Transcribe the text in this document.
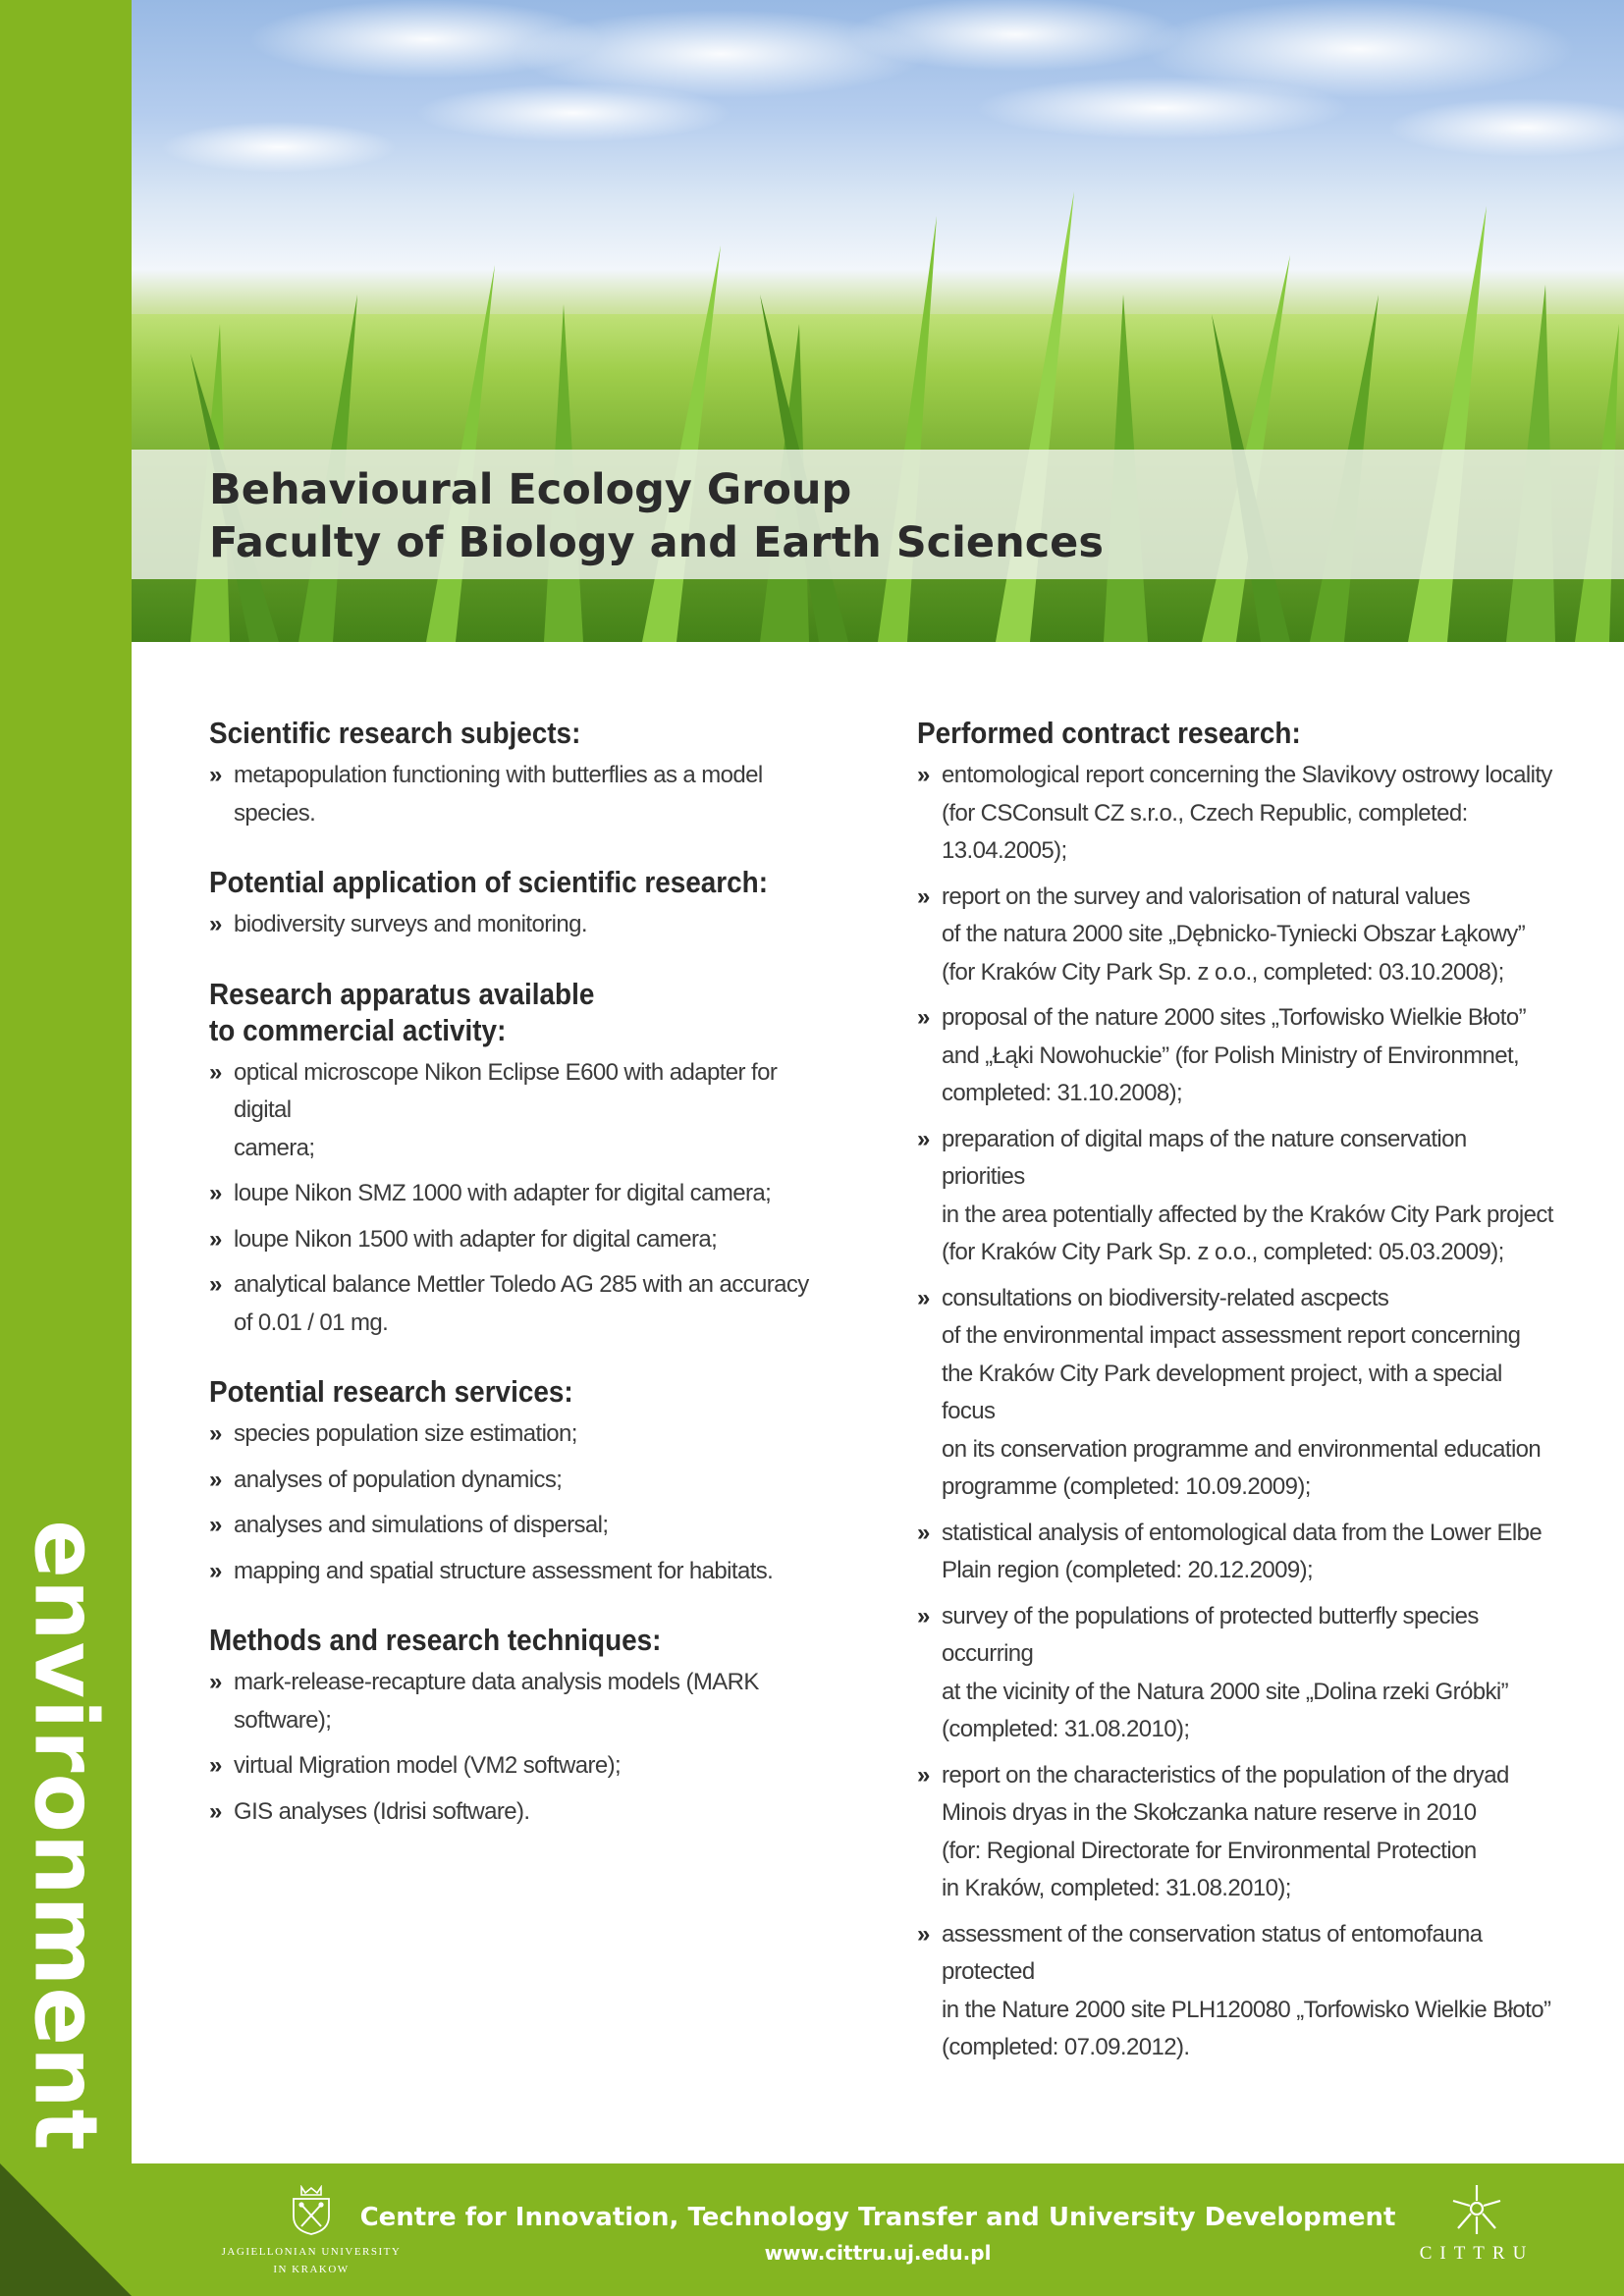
environment
Behavioural Ecology Group
Faculty of Biology and Earth Sciences
Scientific research subjects:
» metapopulation functioning with butterflies as a model species.
Potential application of scientific research:
» biodiversity surveys and monitoring.
Research apparatus available
to commercial activity:
» optical microscope Nikon Eclipse E600 with adapter for digital
camera;
» loupe Nikon SMZ 1000 with adapter for digital camera;
» loupe Nikon 1500 with adapter for digital camera;
» analytical balance Mettler Toledo AG 285 with an accuracy
of 0.01 / 01 mg.
Potential research services:
» species population size estimation;
» analyses of population dynamics;
» analyses and simulations of dispersal;
» mapping and spatial structure assessment for habitats.
Methods and research techniques:
» mark-release-recapture data analysis models (MARK software);
» virtual Migration model (VM2 software);
» GIS analyses (Idrisi software).
Performed contract research:
» entomological report concerning the Slavikovy ostrowy locality
(for CSConsult CZ s.r.o., Czech Republic, completed: 13.04.2005);
» report on the survey and valorisation of natural values
of the natura 2000 site „Dębnicko-Tyniecki Obszar Łąkowy”
(for Kraków City Park Sp. z o.o., completed: 03.10.2008);
» proposal of the nature 2000 sites „Torfowisko Wielkie Błoto”
and „Łąki Nowohuckie” (for Polish Ministry of Environmnet,
completed: 31.10.2008);
» preparation of digital maps of the nature conservation priorities
in the area potentially affected by the Kraków City Park project
(for Kraków City Park Sp. z o.o., completed: 05.03.2009);
» consultations on biodiversity-related ascpects
of the environmental impact assessment report concerning
the Kraków City Park development project, with a special focus
on its conservation programme and environmental education
programme (completed: 10.09.2009);
» statistical analysis of entomological data from the Lower Elbe
Plain region (completed: 20.12.2009);
» survey of the populations of protected butterfly species occurring
at the vicinity of the Natura 2000 site „Dolina rzeki Grόbki”
(completed: 31.08.2010);
» report on the characteristics of the population of the dryad
Minois dryas in the Skołczanka nature reserve in 2010
(for: Regional Directorate for Environmental Protection
in Kraków, completed: 31.08.2010);
» assessment of the conservation status of entomofauna protected
in the Nature 2000 site PLH120080 „Torfowisko Wielkie Błoto”
(completed: 07.09.2012).
JAGIELLONIAN UNIVERSITY
IN KRAKOW
Centre for Innovation, Technology Transfer and University Development
www.cittru.uj.edu.pl	CITTRU
